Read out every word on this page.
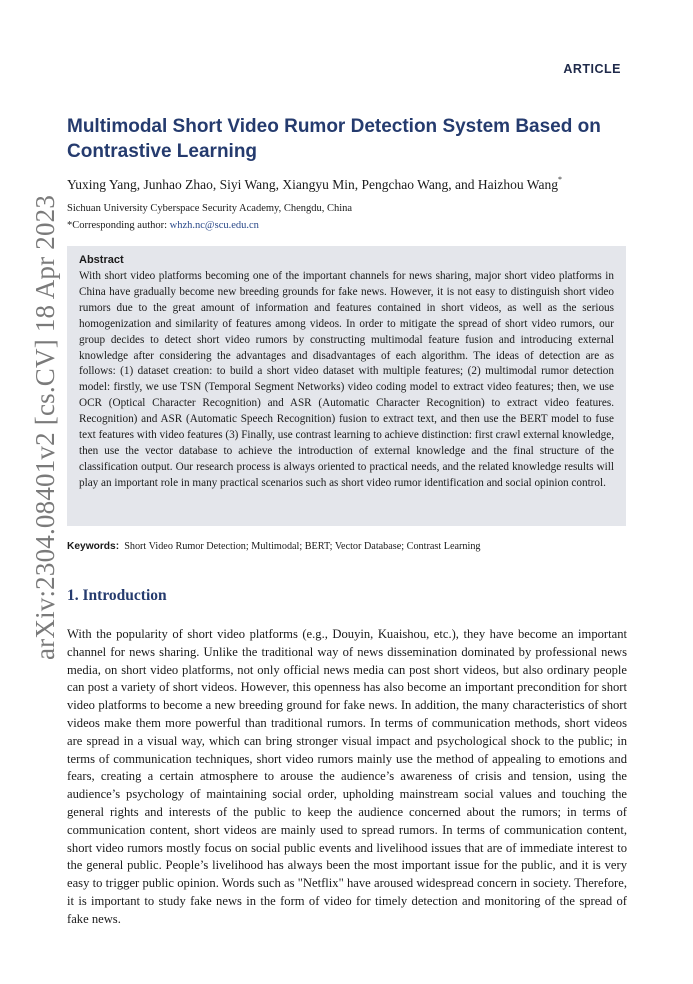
arXiv:2304.08401v2 [cs.CV] 18 Apr 2023
ARTICLE
Multimodal Short Video Rumor Detection System Based on Contrastive Learning
Yuxing Yang, Junhao Zhao, Siyi Wang, Xiangyu Min, Pengchao Wang, and Haizhou Wang*
Sichuan University Cyberspace Security Academy, Chengdu, China
*Corresponding author: whzh.nc@scu.edu.cn
Abstract
With short video platforms becoming one of the important channels for news sharing, major short video platforms in China have gradually become new breeding grounds for fake news. However, it is not easy to distinguish short video rumors due to the great amount of information and features contained in short videos, as well as the serious homogenization and similarity of features among videos. In order to mitigate the spread of short video rumors, our group decides to detect short video rumors by constructing multimodal feature fusion and introducing external knowledge after considering the advantages and disadvantages of each algorithm. The ideas of detection are as follows: (1) dataset creation: to build a short video dataset with multiple features; (2) multimodal rumor detection model: firstly, we use TSN (Temporal Segment Networks) video coding model to extract video features; then, we use OCR (Optical Character Recognition) and ASR (Automatic Character Recognition) to extract video features. Recognition) and ASR (Automatic Speech Recognition) fusion to extract text, and then use the BERT model to fuse text features with video features (3) Finally, use contrast learning to achieve distinction: first crawl external knowledge, then use the vector database to achieve the introduction of external knowledge and the final structure of the classification output. Our research process is always oriented to practical needs, and the related knowledge results will play an important role in many practical scenarios such as short video rumor identification and social opinion control.
Keywords: Short Video Rumor Detection; Multimodal; BERT; Vector Database; Contrast Learning
1. Introduction
With the popularity of short video platforms (e.g., Douyin, Kuaishou, etc.), they have become an important channel for news sharing. Unlike the traditional way of news dissemination dominated by professional news media, on short video platforms, not only official news media can post short videos, but also ordinary people can post a variety of short videos. However, this openness has also become an important precondition for short video platforms to become a new breeding ground for fake news. In addition, the many characteristics of short videos make them more powerful than traditional rumors. In terms of communication methods, short videos are spread in a visual way, which can bring stronger visual impact and psychological shock to the public; in terms of communication techniques, short video rumors mainly use the method of appealing to emotions and fears, creating a certain atmosphere to arouse the audience’s awareness of crisis and tension, using the audience’s psychology of maintaining social order, upholding mainstream social values and touching the general rights and interests of the public to keep the audience concerned about the rumors; in terms of communication content, short videos are mainly used to spread rumors. In terms of communication content, short video rumors mostly focus on social public events and livelihood issues that are of immediate interest to the general public. People’s livelihood has always been the most important issue for the public, and it is very easy to trigger public opinion. Words such as "Netflix" have aroused widespread concern in society. Therefore, it is important to study fake news in the form of video for timely detection and monitoring of the spread of fake news.
